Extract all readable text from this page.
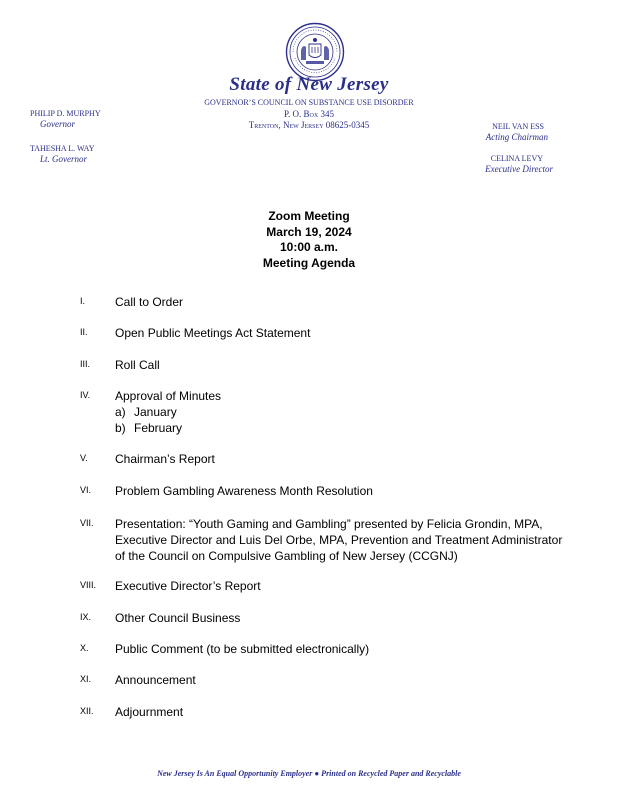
State of New Jersey
GOVERNOR’S COUNCIL ON SUBSTANCE USE DISORDER
P. O. Box 345
Trenton, New Jersey 08625-0345
PHILIP D. MURPHY
Governor
TAHESHA L. WAY
Lt. Governor
NEIL VAN ESS
Acting Chairman
CELINA LEVY
Executive Director
Zoom Meeting
March 19, 2024
10:00 a.m.
Meeting Agenda
I. Call to Order
II. Open Public Meetings Act Statement
III. Roll Call
IV. Approval of Minutes
a) January
b) February
V. Chairman’s Report
VI. Problem Gambling Awareness Month Resolution
VII. Presentation: “Youth Gaming and Gambling” presented by Felicia Grondin, MPA, Executive Director and Luis Del Orbe, MPA, Prevention and Treatment Administrator of the Council on Compulsive Gambling of New Jersey (CCGNJ)
VIII. Executive Director’s Report
IX. Other Council Business
X. Public Comment (to be submitted electronically)
XI. Announcement
XII. Adjournment
New Jersey Is An Equal Opportunity Employer ● Printed on Recycled Paper and Recyclable
